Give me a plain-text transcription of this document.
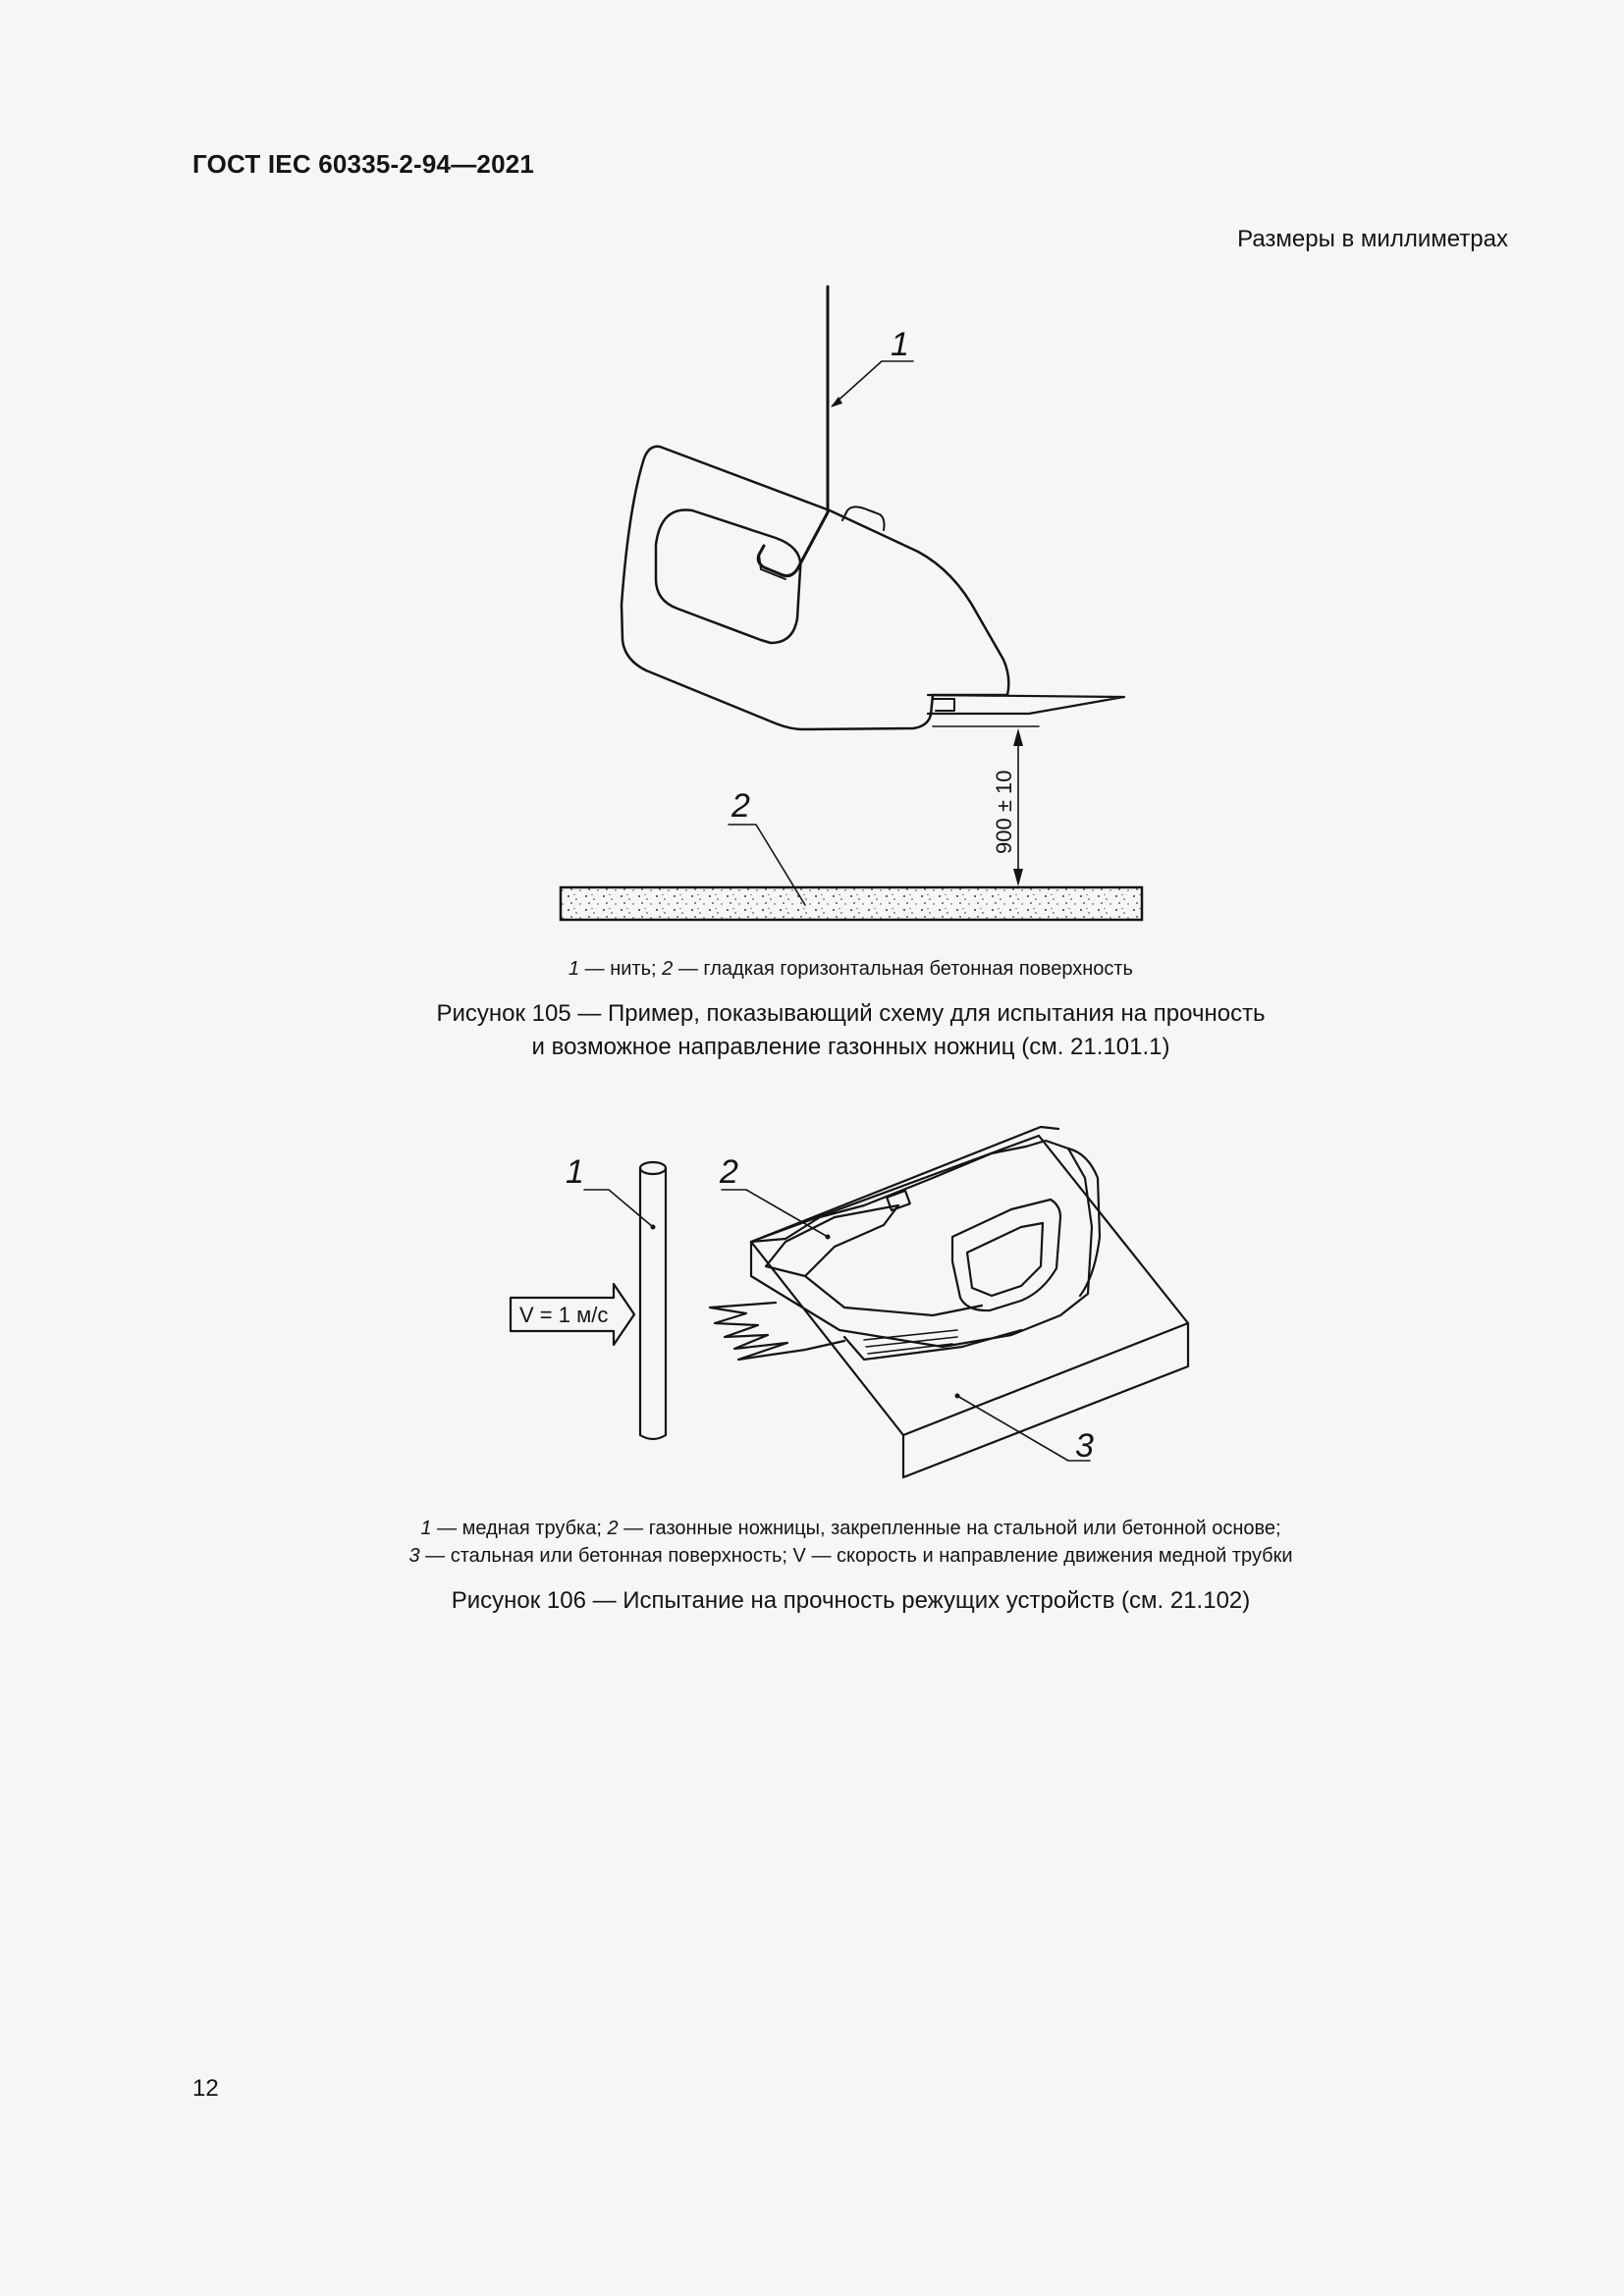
ГОСТ IEC 60335-2-94—2021
Размеры в миллиметрах
1
2	900 ± 10
1 — нить; 2 — гладкая горизонтальная бетонная поверхность
Рисунок 105 — Пример, показывающий схему для испытания на прочность
и возможное направление газонных ножниц (см. 21.101.1)
1	2
3
V = 1 м/с
1 — медная трубка; 2 — газонные ножницы, закрепленные на стальной или бетонной основе;
3 — стальная или бетонная поверхность; V — скорость и направление движения медной трубки
Рисунок 106 — Испытание на прочность режущих устройств (см. 21.102)
12
